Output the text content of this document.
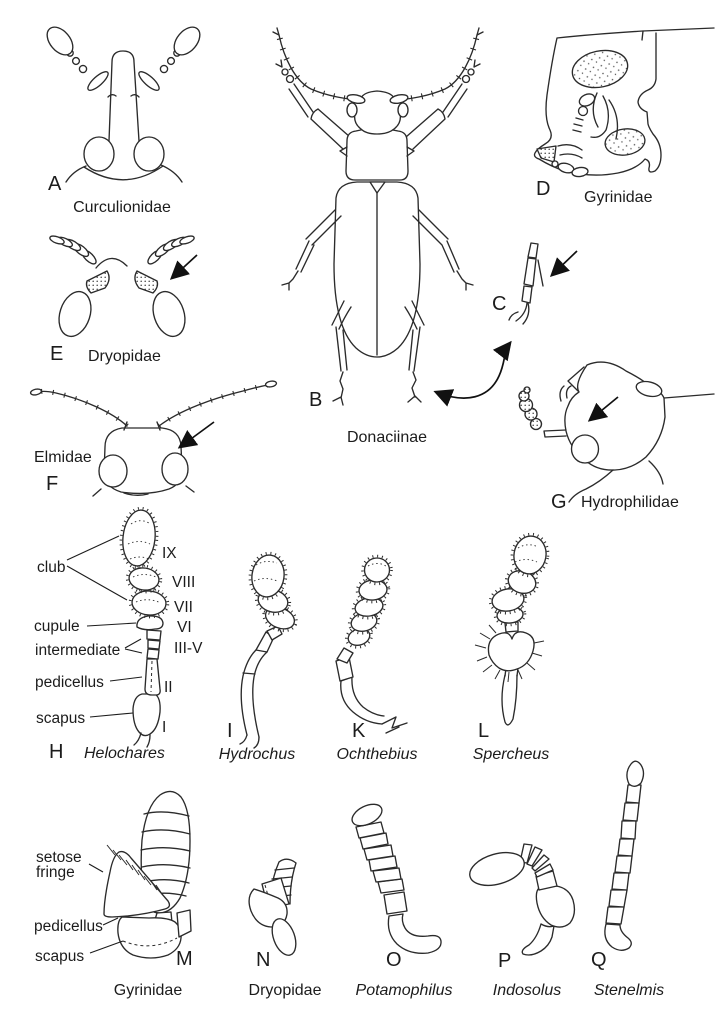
A
Curculionidae
B
Donaciinae
C
D Gyrinidae
E Dryopidae
Elmidae
F
G Hydrophilidae
H Helochares
I
Hydrochus
K
Ochthebius
L
Spercheus
M
Gyrinidae
N
Dryopidae
O
Potamophilus
P
Indosolus
Q
Stenelmis
club
cupule
intermediate
pedicellus
scapus
IX
VIII
VII
VI
III-V
II
I
setose
fringe
pedicellus
scapus
